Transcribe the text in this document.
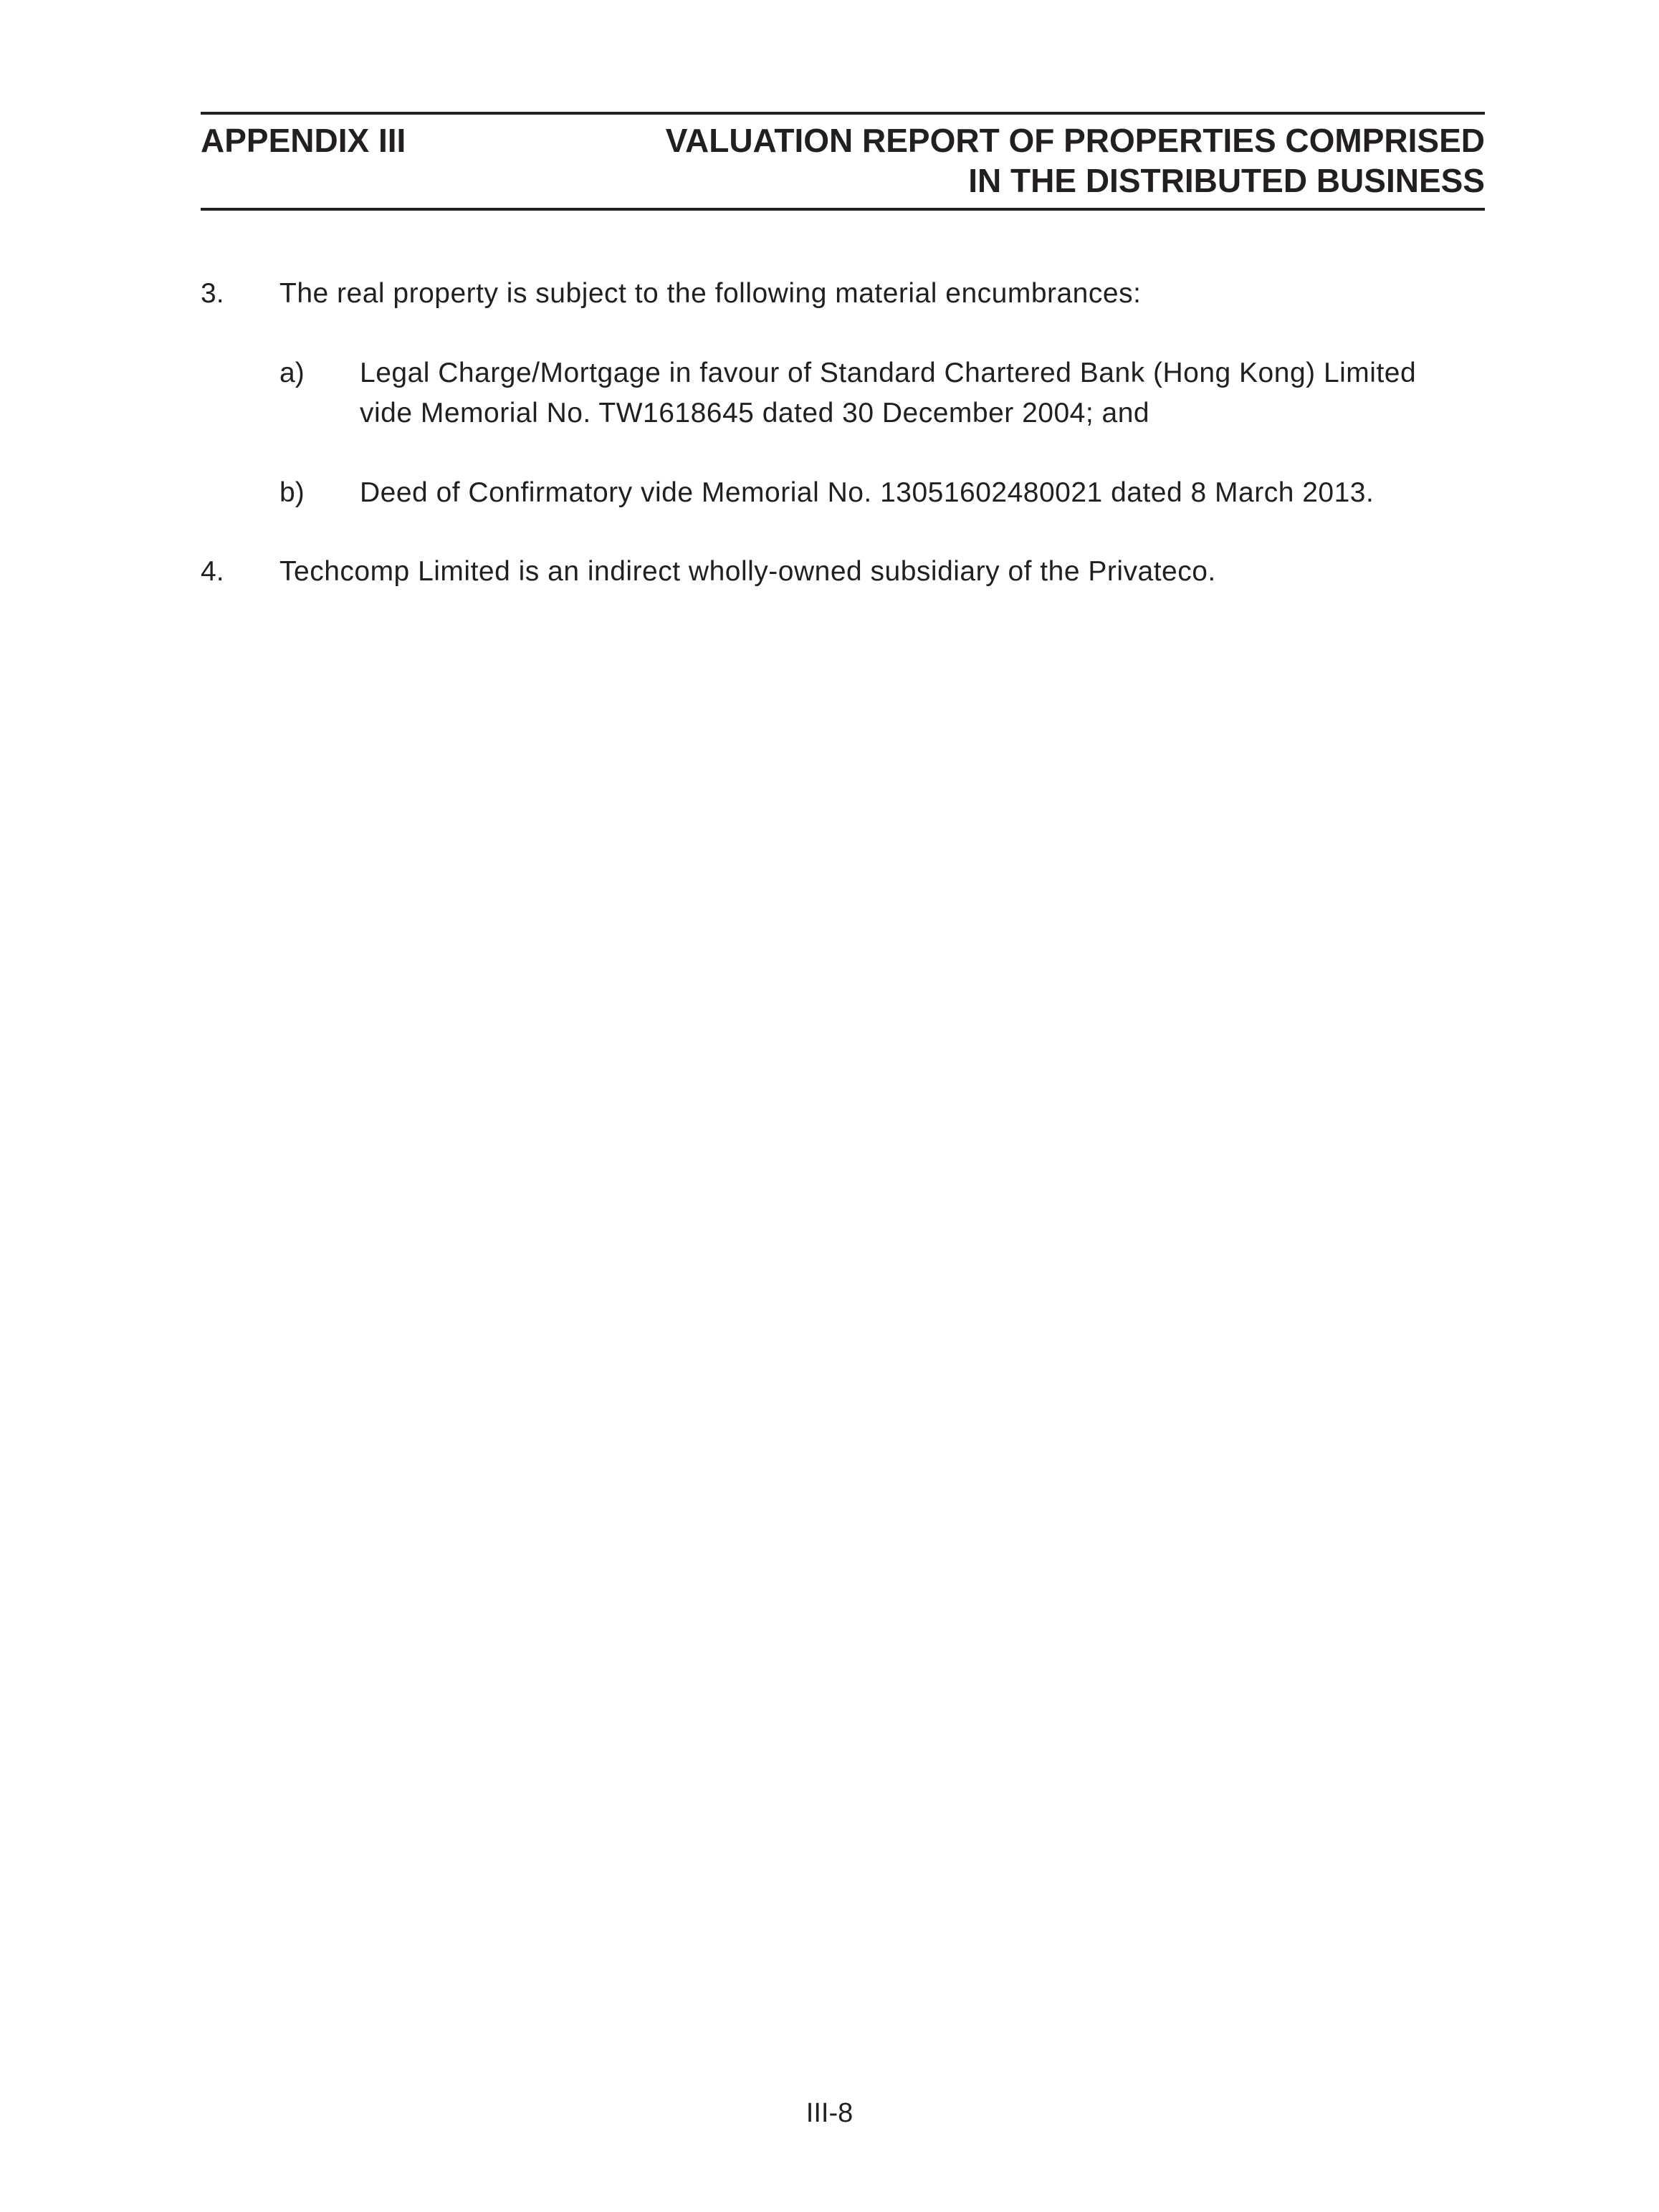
APPENDIX III	VALUATION REPORT OF PROPERTIES COMPRISED
IN THE DISTRIBUTED BUSINESS
3. The real property is subject to the following material encumbrances:
a) Legal Charge/Mortgage in favour of Standard Chartered Bank (Hong Kong) Limited
vide Memorial No. TW1618645 dated 30 December 2004; and
b) Deed of Confirmatory vide Memorial No. 13051602480021 dated 8 March 2013.
4. Techcomp Limited is an indirect wholly-owned subsidiary of the Privateco.
III-8
